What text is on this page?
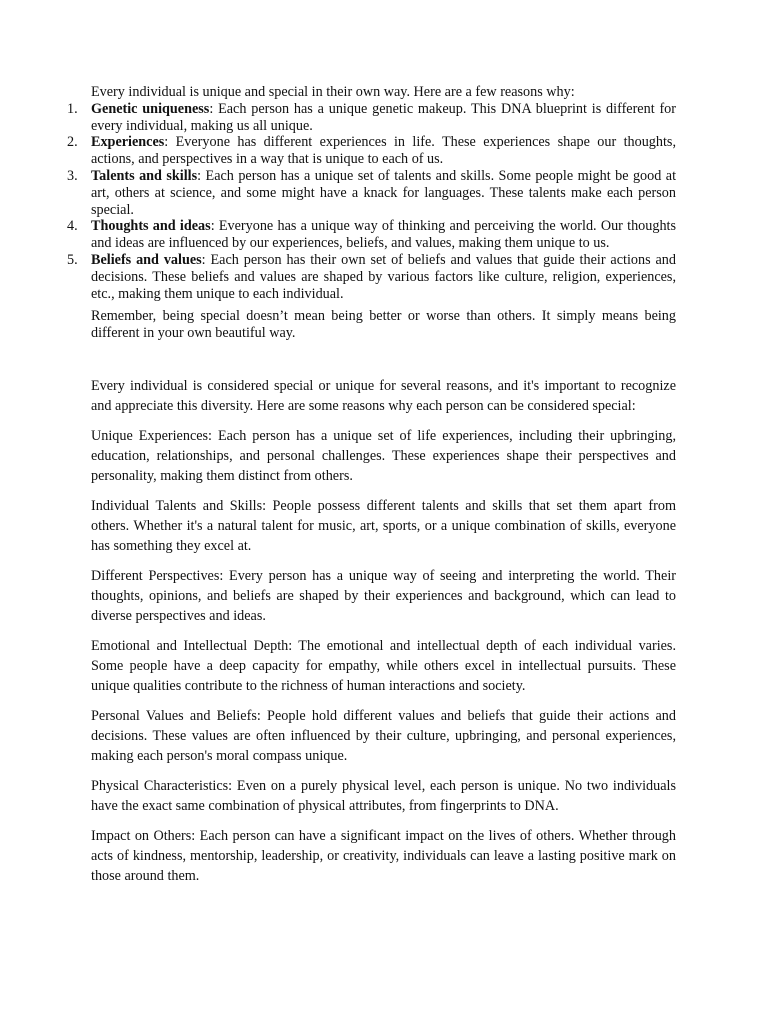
Every individual is unique and special in their own way. Here are a few reasons why:

1. Genetic uniqueness: Each person has a unique genetic makeup. This DNA blueprint is different for every individual, making us all unique.
2. Experiences: Everyone has different experiences in life. These experiences shape our thoughts, actions, and perspectives in a way that is unique to each of us.
3. Talents and skills: Each person has a unique set of talents and skills. Some people might be good at art, others at science, and some might have a knack for languages. These talents make each person special.
4. Thoughts and ideas: Everyone has a unique way of thinking and perceiving the world. Our thoughts and ideas are influenced by our experiences, beliefs, and values, making them unique to us.
5. Beliefs and values: Each person has their own set of beliefs and values that guide their actions and decisions. These beliefs and values are shaped by various factors like culture, religion, experiences, etc., making them unique to each individual.

Remember, being special doesn’t mean being better or worse than others. It simply means being different in your own beautiful way.

Every individual is considered special or unique for several reasons, and it's important to recognize and appreciate this diversity. Here are some reasons why each person can be considered special:

Unique Experiences: Each person has a unique set of life experiences, including their upbringing, education, relationships, and personal challenges. These experiences shape their perspectives and personality, making them distinct from others.

Individual Talents and Skills: People possess different talents and skills that set them apart from others. Whether it's a natural talent for music, art, sports, or a unique combination of skills, everyone has something they excel at.

Different Perspectives: Every person has a unique way of seeing and interpreting the world. Their thoughts, opinions, and beliefs are shaped by their experiences and background, which can lead to diverse perspectives and ideas.

Emotional and Intellectual Depth: The emotional and intellectual depth of each individual varies. Some people have a deep capacity for empathy, while others excel in intellectual pursuits. These unique qualities contribute to the richness of human interactions and society.

Personal Values and Beliefs: People hold different values and beliefs that guide their actions and decisions. These values are often influenced by their culture, upbringing, and personal experiences, making each person's moral compass unique.

Physical Characteristics: Even on a purely physical level, each person is unique. No two individuals have the exact same combination of physical attributes, from fingerprints to DNA.

Impact on Others: Each person can have a significant impact on the lives of others. Whether through acts of kindness, mentorship, leadership, or creativity, individuals can leave a lasting positive mark on those around them.
